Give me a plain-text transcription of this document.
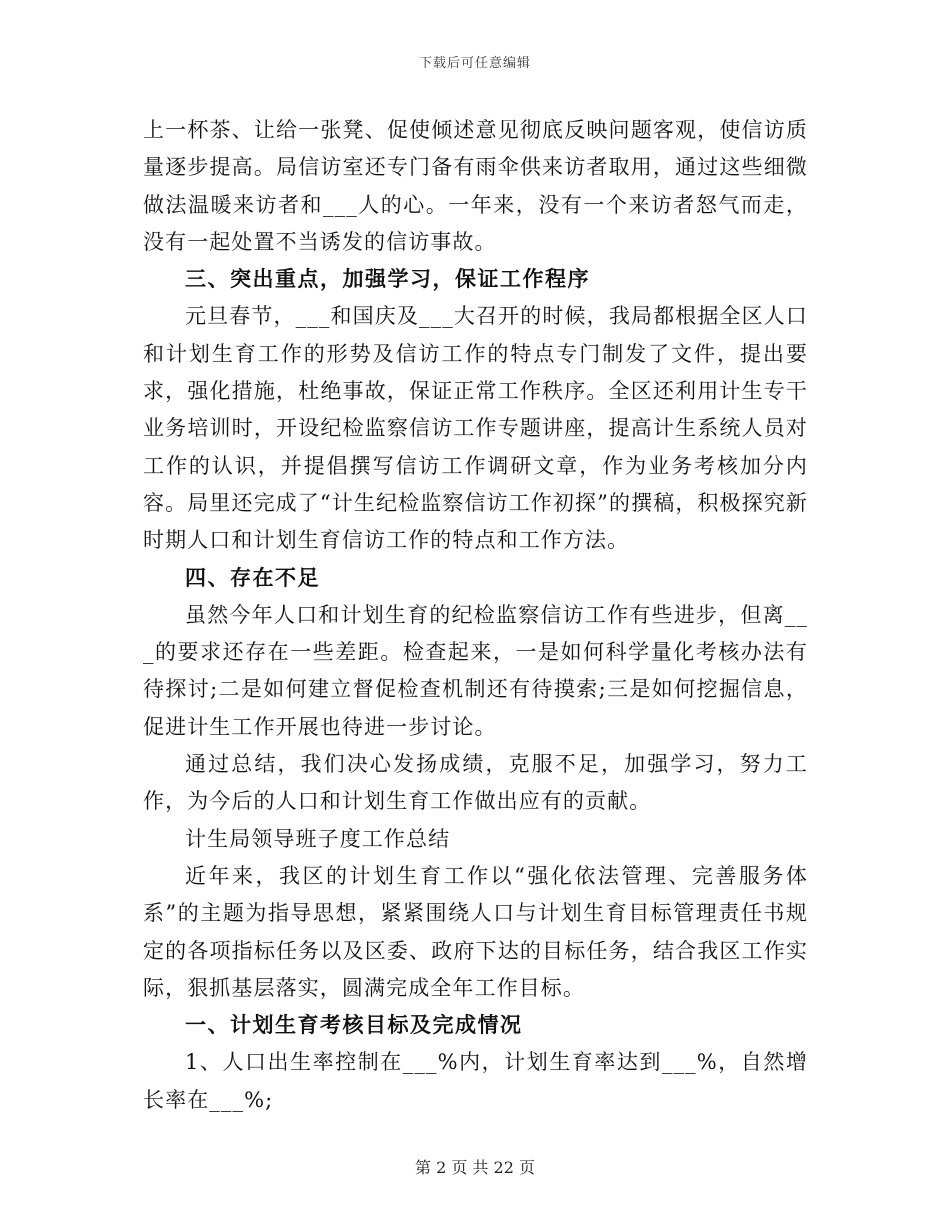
下载后可任意编辑

上一杯茶、让给一张凳、促使倾述意见彻底反映问题客观，使信访质量逐步提高。局信访室还专门备有雨伞供来访者取用，通过这些细微做法温暖来访者和___人的心。一年来，没有一个来访者怒气而走，没有一起处置不当诱发的信访事故。

三、突出重点，加强学习，保证工作程序

元旦春节，___和国庆及___大召开的时候，我局都根据全区人口和计划生育工作的形势及信访工作的特点专门制发了文件，提出要求，强化措施，杜绝事故，保证正常工作秩序。全区还利用计生专干业务培训时，开设纪检监察信访工作专题讲座，提高计生系统人员对工作的认识，并提倡撰写信访工作调研文章，作为业务考核加分内容。局里还完成了“计生纪检监察信访工作初探”的撰稿，积极探究新时期人口和计划生育信访工作的特点和工作方法。

四、存在不足

虽然今年人口和计划生育的纪检监察信访工作有些进步，但离___的要求还存在一些差距。检查起来，一是如何科学量化考核办法有待探讨;二是如何建立督促检查机制还有待摸索;三是如何挖掘信息，促进计生工作开展也待进一步讨论。

通过总结，我们决心发扬成绩，克服不足，加强学习，努力工作，为今后的人口和计划生育工作做出应有的贡献。

计生局领导班子度工作总结

近年来，我区的计划生育工作以“强化依法管理、完善服务体系”的主题为指导思想，紧紧围绕人口与计划生育目标管理责任书规定的各项指标任务以及区委、政府下达的目标任务，结合我区工作实际，狠抓基层落实，圆满完成全年工作目标。

一、计划生育考核目标及完成情况

1、人口出生率控制在___%内，计划生育率达到___%，自然增长率在___%;

第 2 页 共 22 页
